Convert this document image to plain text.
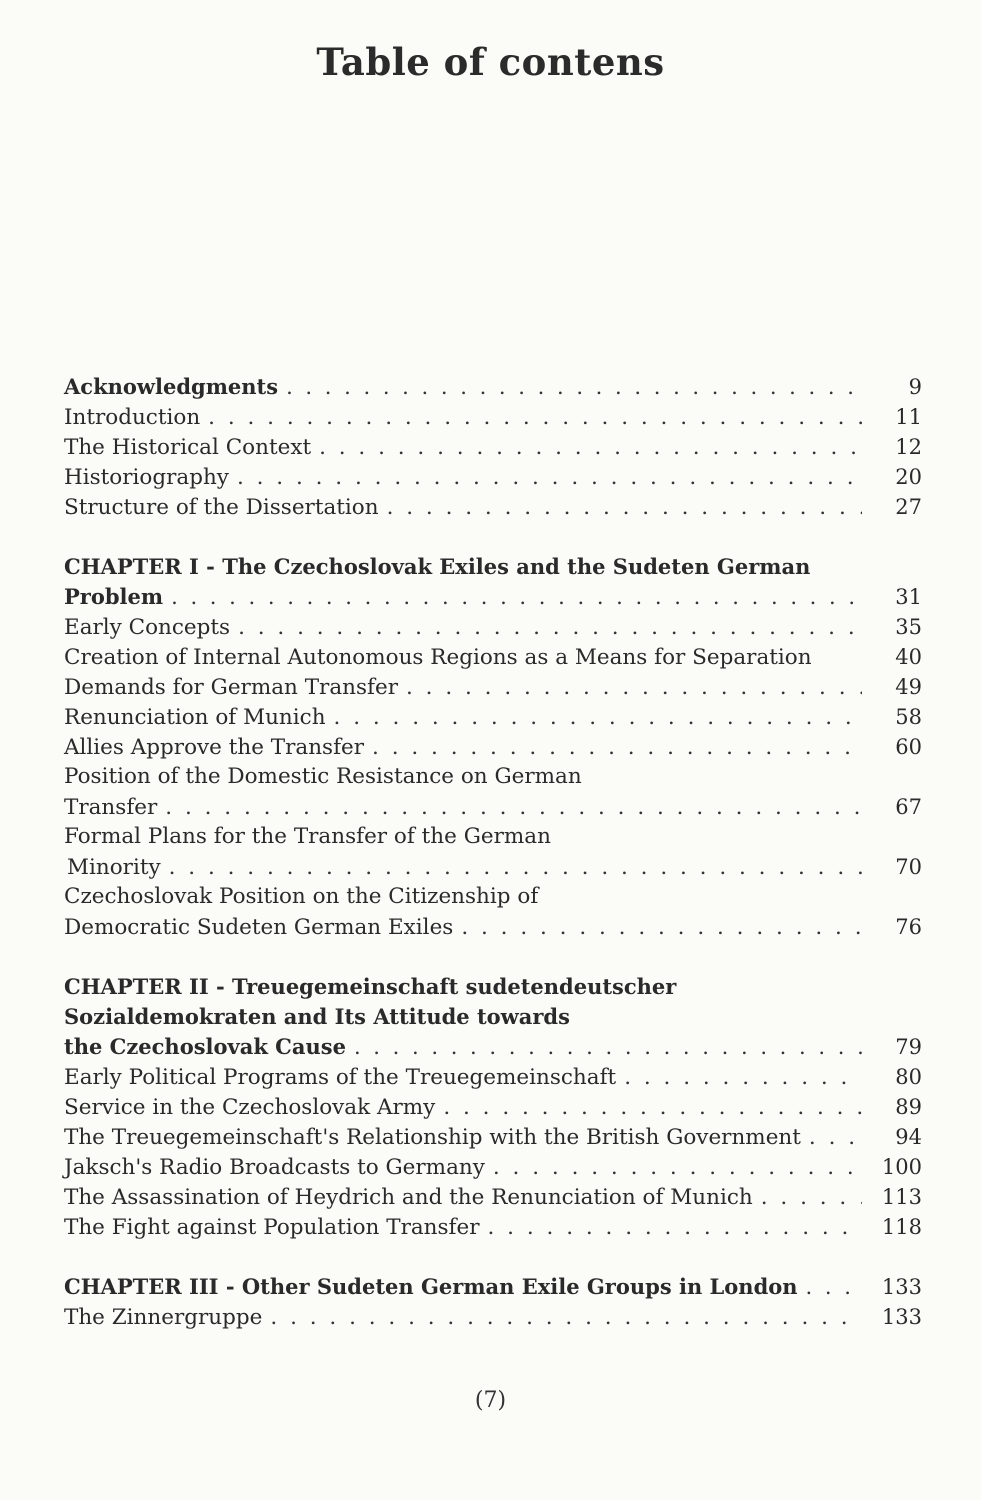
Table of contens
Acknowledgments . . .	9
Introduction . . .	11
The Historical Context . . .	12
Historiography . . .	20
Structure of the Dissertation . . .	27
CHAPTER I - The Czechoslovak Exiles and the Sudeten German
Problem . . .	31
Early Concepts . . .	35
Creation of Internal Autonomous Regions as a Means for Separation	40
Demands for German Transfer . . .	49
Renunciation of Munich . . .	58
Allies Approve the Transfer . . .	60
Position of the Domestic Resistance on German
Transfer . . .	67
Formal Plans for the Transfer of the German
Minority . . .	70
Czechoslovak Position on the Citizenship of
Democratic Sudeten German Exiles . . .	76
CHAPTER II - Treuegemeinschaft sudetendeutscher
Sozialdemokraten and Its Attitude towards
the Czechoslovak Cause . . .	79
Early Political Programs of the Treuegemeinschaft . . .	80
Service in the Czechoslovak Army . . .	89
The Treuegemeinschaft's Relationship with the British Government . . .	94
Jaksch's Radio Broadcasts to Germany . . .	100
The Assassination of Heydrich and the Renunciation of Munich . . .	113
The Fight against Population Transfer . . .	118
CHAPTER III - Other Sudeten German Exile Groups in London . . .	133
The Zinnergruppe . . .	133
(7)
